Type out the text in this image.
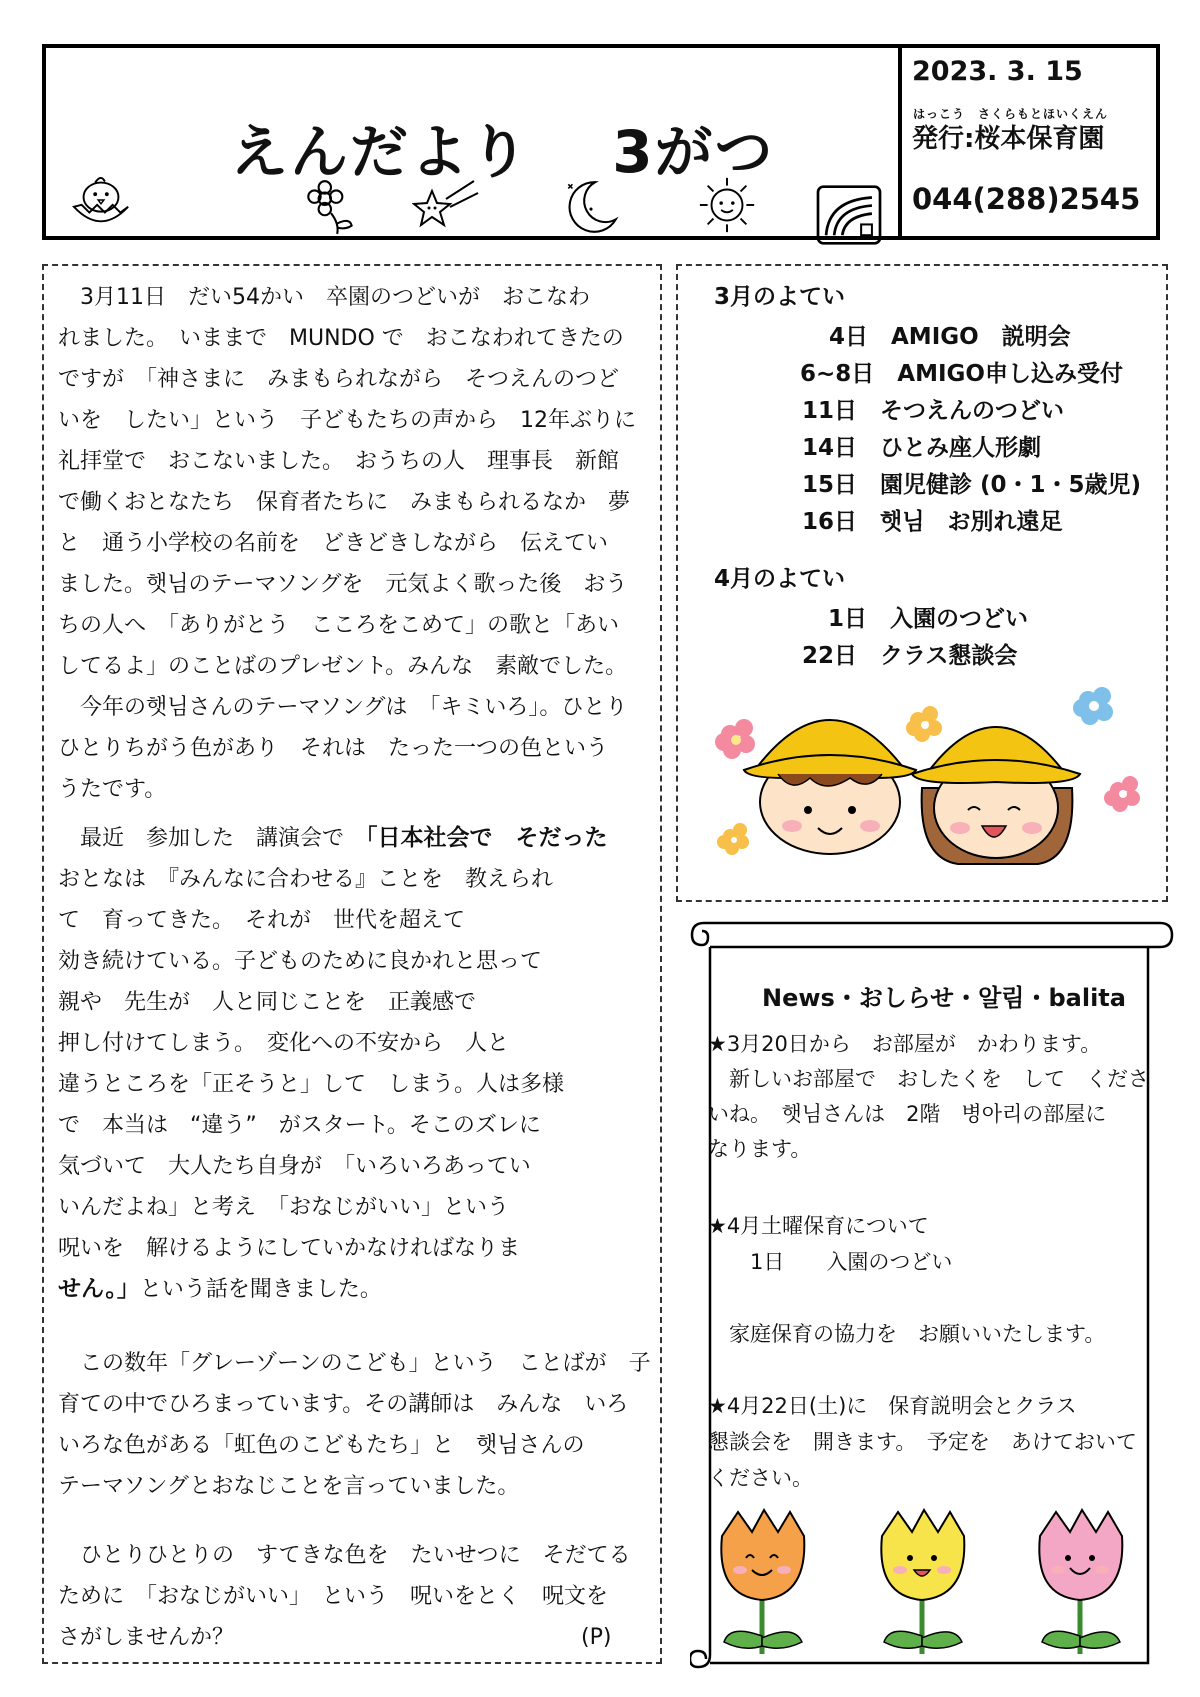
えんだより　 3がつ
2023. 3. 15
はっこう　さくらもとほいくえん
発行:桜本保育園
044(288)2545
　3月11日　だい54かい　卒園のつどいが　おこなわ
れました。　いままで　MUNDO で　おこなわれてきたの
ですが　「神さまに　みまもられながら　そつえんのつど
いを　したい」という　子どもたちの声から　12年ぶりに
礼拝堂で　おこないました。　おうちの人　理事長　新館
で働くおとなたち　保育者たちに　みまもられるなか　夢
と　通う小学校の名前を　どきどきしながら　伝えてい
ました。햇님のテーマソングを　元気よく歌った後　おう
ちの人へ　「ありがとう　こころをこめて」の歌と「あい
してるよ」のことばのプレゼント。みんな　素敵でした。
　今年の햇님さんのテーマソングは　「キミいろ」。ひとり
ひとりちがう色があり　それは　たった一つの色という
うたです。
　最近　参加した　講演会で　「日本社会で　そだった
おとなは　『みんなに合わせる』ことを　教えられ
て　育ってきた。　それが　世代を超えて
効き続けている。子どものために良かれと思って
親や　先生が　人と同じことを　正義感で
押し付けてしまう。　変化への不安から　人と
違うところを「正そうと」して　しまう。人は多様
で　本当は　“違う”　がスタート。そこのズレに
気づいて　大人たち自身が　「いろいろあってい
いんだよね」と考え　「おなじがいい」という
呪いを　解けるようにしていかなければなりま
せん。」という話を聞きました。
　この数年「グレーゾーンのこども」という　ことばが　子
育ての中でひろまっています。その講師は　みんな　いろ
いろな色がある「虹色のこどもたち」と　햇님さんの
テーマソングとおなじことを言っていました。
　ひとりひとりの　すてきな色を　たいせつに　そだてる
ために　「おなじがいい」　という　呪いをとく　呪文を
さがしませんか？	(P)
3月のよてい
4日　 AMIGO　説明会
6~8日　 AMIGO申し込み受付
11日　 そつえんのつどい
14日　 ひとみ座人形劇
15日　 園児健診 (0・1・5歳児)
16日　 햇님　お別れ遠足
4月のよてい
1日　 入園のつどい
22日　 クラス懇談会
News・おしらせ・알림・balita
★3月20日から　お部屋が　かわります。
　新しいお部屋で　おしたくを　して　くださ
いね。　햇님さんは　2階　병아리の部屋に
なります。
★4月土曜保育について
　　1日　　入園のつどい
　家庭保育の協力を　お願いいたします。
★4月22日(土)に　保育説明会とクラス
懇談会を　開きます。　予定を　あけておいて
ください。
